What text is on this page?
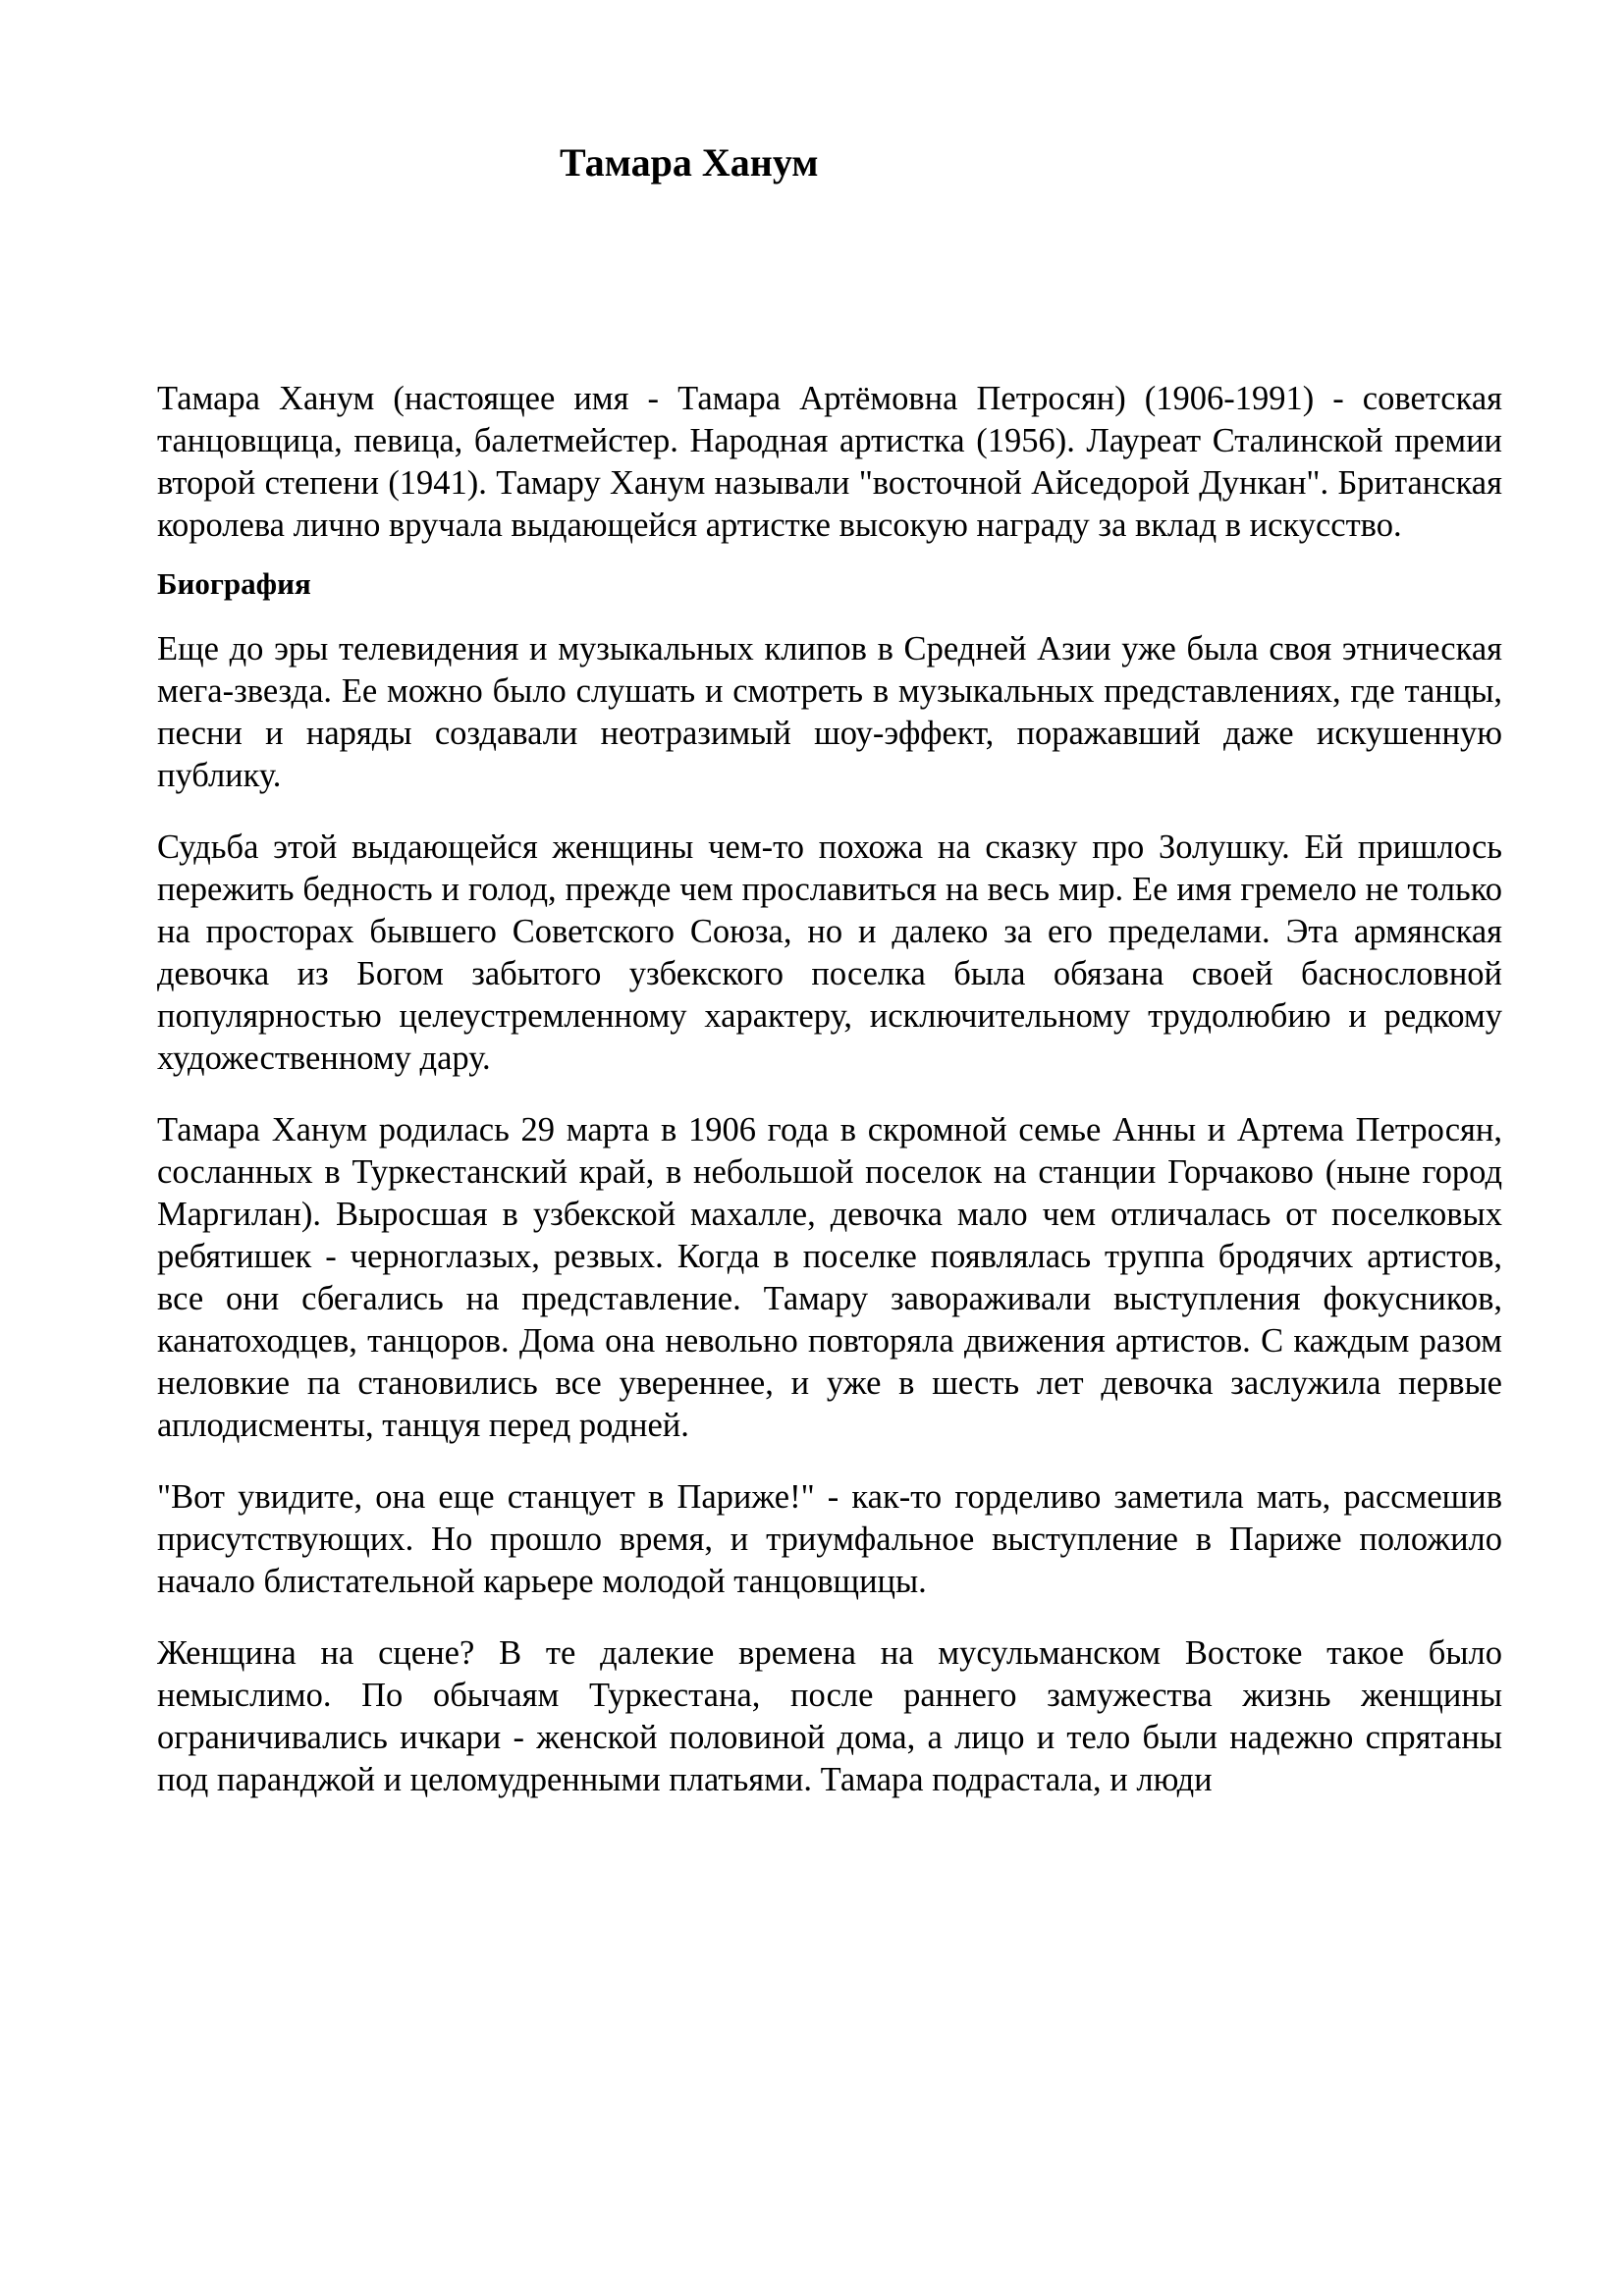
Тамара Ханум

Тамара Ханум (настоящее имя - Тамара Артёмовна Петросян) (1906-1991) - советская танцовщица, певица, балетмейстер. Народная артистка (1956). Лауреат Сталинской премии второй степени (1941). Тамару Ханум называли "восточной Айседорой Дункан". Британская королева лично вручала выдающейся артистке высокую награду за вклад в искусство.

Биография

Еще до эры телевидения и музыкальных клипов в Средней Азии уже была своя этническая мега-звезда. Ее можно было слушать и смотреть в музыкальных представлениях, где танцы, песни и наряды создавали неотразимый шоу-эффект, поражавший даже искушенную публику.

Судьба этой выдающейся женщины чем-то похожа на сказку про Золушку. Ей пришлось пережить бедность и голод, прежде чем прославиться на весь мир. Ее имя гремело не только на просторах бывшего Советского Союза, но и далеко за его пределами. Эта армянская девочка из Богом забытого узбекского поселка была обязана своей баснословной популярностью целеустремленному характеру, исключительному трудолюбию и редкому художественному дару.

Тамара Ханум родилась 29 марта в 1906 года в скромной семье Анны и Артема Петросян, сосланных в Туркестанский край, в небольшой поселок на станции Горчаково (ныне город Маргилан). Выросшая в узбекской махалле, девочка мало чем отличалась от поселковых ребятишек - черноглазых, резвых. Когда в поселке появлялась труппа бродячих артистов, все они сбегались на представление. Тамару завораживали выступления фокусников, канатоходцев, танцоров. Дома она невольно повторяла движения артистов. С каждым разом неловкие па становились все увереннее, и уже в шесть лет девочка заслужила первые аплодисменты, танцуя перед родней.

"Вот увидите, она еще станцует в Париже!" - как-то горделиво заметила мать, рассмешив присутствующих. Но прошло время, и триумфальное выступление в Париже положило начало блистательной карьере молодой танцовщицы.

Женщина на сцене? В те далекие времена на мусульманском Востоке такое было немыслимо. По обычаям Туркестана, после раннего замужества жизнь женщины ограничивались ичкари - женской половиной дома, а лицо и тело были надежно спрятаны под паранджой и целомудренными платьями. Тамара подрастала, и люди
